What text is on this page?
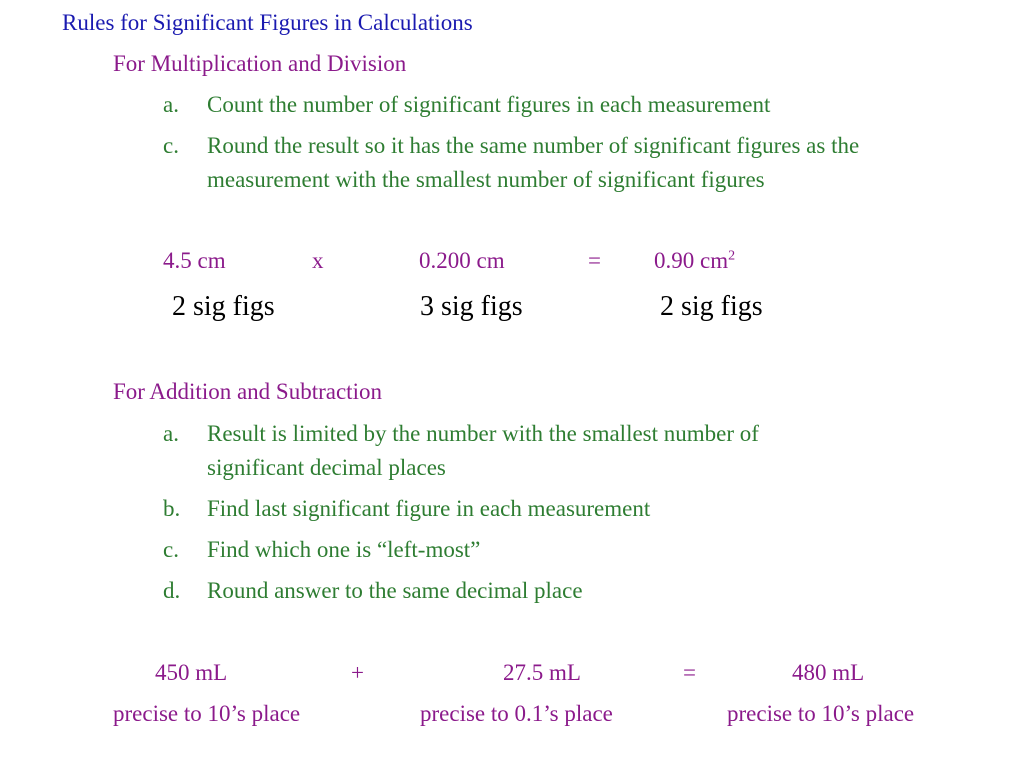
Rules for Significant Figures in Calculations
For Multiplication and Division
a. Count the number of significant figures in each measurement
c. Round the result so it has the same number of significant figures as the
measurement with the smallest number of significant figures
4.5 cm	x	0.200 cm	= 0.90 $cm^2$
2 sig figs	3 sig figs	2 sig figs
For Addition and Subtraction
a. Result is limited by the number with the smallest number of
significant decimal places
b. Find last significant figure in each measurement
c. Find which one is “left-most”
d. Round answer to the same decimal place
450 mL	+	27.5 mL	=	480 mL
precise to 10’s place	precise to 0.1’s place	precise to 10’s place
